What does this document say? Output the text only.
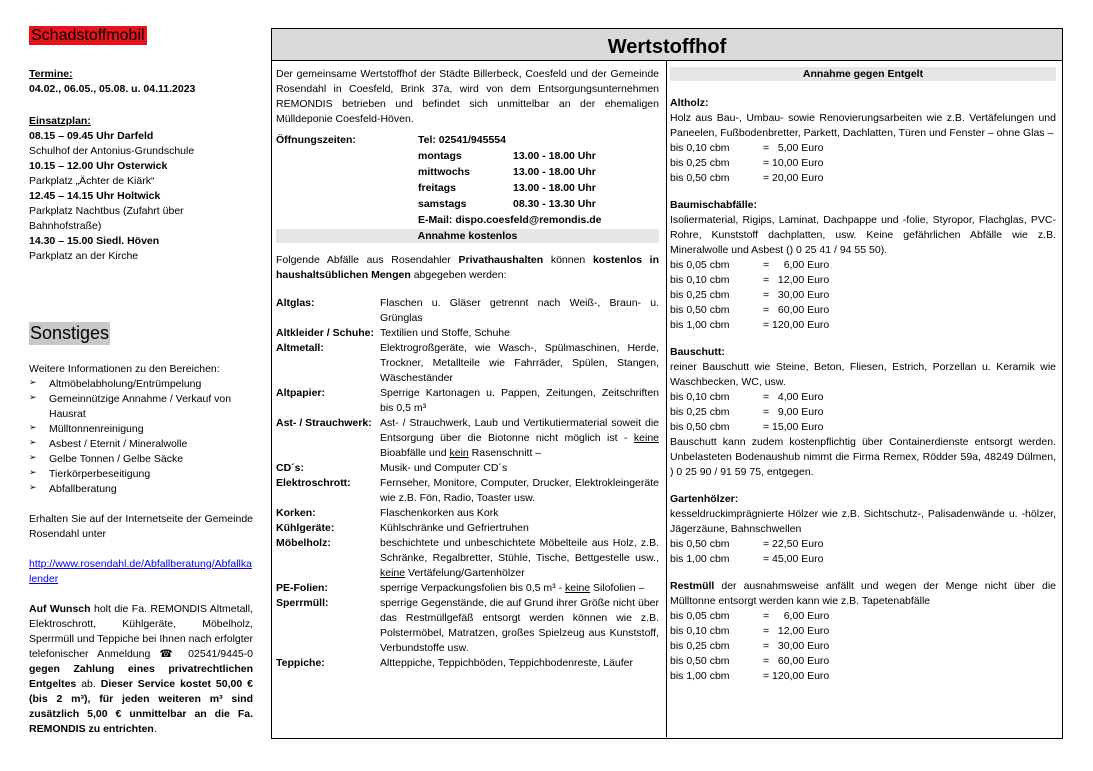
Schadstoffmobil
Termine:
04.02., 06.05., 05.08. u. 04.11.2023
Einsatzplan:
08.15 – 09.45 Uhr Darfeld
Schulhof der Antonius-Grundschule
10.15 – 12.00 Uhr Osterwick
Parkplatz „Ächter de Kiärk“
12.45 – 14.15 Uhr Holtwick
Parkplatz Nachtbus (Zufahrt über Bahnhofstraße)
14.30 – 15.00 Siedl. Höven
Parkplatz an der Kirche
Sonstiges
Weitere Informationen zu den Bereichen:
➢ Altmöbelabholung/Entrümpelung
➢ Gemeinnützige Annahme / Verkauf von Hausrat
➢ Mülltonnenreinigung
➢ Asbest / Eternit / Mineralwolle
➢ Gelbe Tonnen / Gelbe Säcke
➢ Tierkörperbeseitigung
➢ Abfallberatung
Erhalten Sie auf der Internetseite der Gemeinde Rosendahl unter
http://www.rosendahl.de/Abfallberatung/Abfallkalender
Auf Wunsch holt die Fa. REMONDIS Altmetall, Elektroschrott, Kühlgeräte, Möbelholz, Sperrmüll und Teppiche bei Ihnen nach erfolgter telefonischer Anmeldung ☎ 02541/9445-0 gegen Zahlung eines privatrechtlichen Entgeltes ab. Dieser Service kostet 50,00 € (bis 2 m³), für jeden weiteren m³ sind zusätzlich 5,00 € unmittelbar an die Fa. REMONDIS zu entrichten.
Wertstoffhof
Der gemeinsame Wertstoffhof der Städte Billerbeck, Coesfeld und der Gemeinde Rosendahl in Coesfeld, Brink 37a, wird von dem Entsorgungsunternehmen REMONDIS betrieben und befindet sich unmittelbar an der ehemaligen Mülldeponie Coesfeld-Höven.
Öffnungszeiten:	Tel: 02541/945554	
	montags	13.00 - 18.00 Uhr
	mittwochs	13.00 - 18.00 Uhr
	freitags	13.00 - 18.00 Uhr
	samstags	08.30 - 13.30 Uhr
	E-Mail: dispo.coesfeld@remondis.de	
Annahme kostenlos
Folgende Abfälle aus Rosendahler Privathaushalten können kostenlos in haushaltsüblichen Mengen abgegeben werden:
Altglas:	Flaschen u. Gläser getrennt nach Weiß-, Braun- u. Grünglas
Altkleider / Schuhe:	Textilien und Stoffe, Schuhe
Altmetall:	Elektrogroßgeräte, wie Wasch-, Spülmaschinen, Herde, Trockner, Metallteile wie Fahrräder, Spülen, Stangen, Wäscheständer
Altpapier:	Sperrige Kartonagen u. Pappen, Zeitungen, Zeitschriften bis 0,5 m³
Ast- / Strauchwerk:	Ast- / Strauchwerk, Laub und Vertikutiermaterial soweit die Entsorgung über die Biotonne nicht möglich ist - keine Bioabfälle und kein Rasenschnitt –
CD´s:	Musik- und Computer CD´s
Elektroschrott:	Fernseher, Monitore, Computer, Drucker, Elektrokleingeräte wie z.B. Fön, Radio, Toaster usw.
Korken:	Flaschenkorken aus Kork
Kühlgeräte:	Kühlschränke und Gefriertruhen
Möbelholz:	beschichtete und unbeschichtete Möbelteile aus Holz, z.B. Schränke, Regalbretter, Stühle, Tische, Bettgestelle usw., keine Vertäfelung/Gartenhölzer
PE-Folien:	sperrige Verpackungsfolien bis 0,5 m³ - keine Silofolien –
Sperrmüll:	sperrige Gegenstände, die auf Grund ihrer Größe nicht über das Restmüllgefäß entsorgt werden können wie z.B. Polstermöbel, Matratzen, großes Spielzeug aus Kunststoff, Verbundstoffe usw.
Teppiche:	Altteppiche, Teppichböden, Teppichbodenreste, Läufer
Annahme gegen Entgelt
Altholz:
Holz aus Bau-, Umbau- sowie Renovierungsarbeiten wie z.B. Vertäfelungen und Paneelen, Fußbodenbretter, Parkett, Dachlatten, Türen und Fenster – ohne Glas –
bis 0,10 cbm	=   5,00 Euro
bis 0,25 cbm	= 10,00 Euro
bis 0,50 cbm	= 20,00 Euro
Baumischabfälle:
Isoliermaterial, Rigips, Laminat, Dachpappe und -folie, Styropor, Flachglas, PVC-Rohre, Kunststoff dachplatten, usw. Keine gefährlichen Abfälle wie z.B. Mineralwolle und Asbest () 0 25 41 / 94 55 50).
bis 0,05 cbm	=     6,00 Euro
bis 0,10 cbm	=   12,00 Euro
bis 0,25 cbm	=   30,00 Euro
bis 0,50 cbm	=   60,00 Euro
bis 1,00 cbm	= 120,00 Euro
Bauschutt:
reiner Bauschutt wie Steine, Beton, Fliesen, Estrich, Porzellan u. Keramik wie Waschbecken, WC, usw.
bis 0,10 cbm	=   4,00 Euro
bis 0,25 cbm	=   9,00 Euro
bis 0,50 cbm	= 15,00 Euro
Bauschutt kann zudem kostenpflichtig über Containerdienste entsorgt werden. Unbelasteten Bodenaushub nimmt die Firma Remex, Rödder 59a, 48249 Dülmen, ) 0 25 90 / 91 59 75, entgegen.
Gartenhölzer:
kesseldruckimprägnierte Hölzer wie z.B. Sichtschutz-, Palisadenwände u. -hölzer, Jägerzäune, Bahnschwellen
bis 0,50 cbm	= 22,50 Euro
bis 1,00 cbm	= 45,00 Euro
Restmüll der ausnahmsweise anfällt und wegen der Menge nicht über die Mülltonne entsorgt werden kann wie z.B. Tapetenabfälle
bis 0,05 cbm	=     6,00 Euro
bis 0,10 cbm	=   12,00 Euro
bis 0,25 cbm	=   30,00 Euro
bis 0,50 cbm	=   60,00 Euro
bis 1,00 cbm	= 120,00 Euro
